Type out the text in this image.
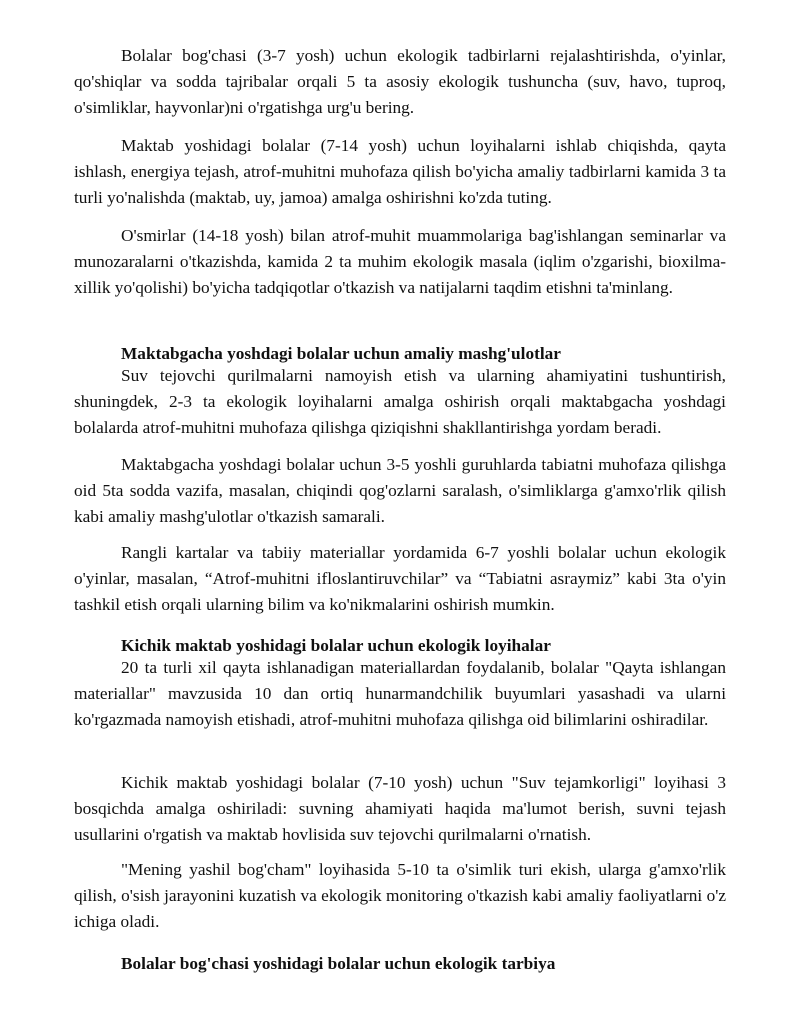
Bolalar bog'chasi (3-7 yosh) uchun ekologik tadbirlarni rejalashtirishda, o'yinlar, qo'shiqlar va sodda tajribalar orqali 5 ta asosiy ekologik tushuncha (suv, havo, tuproq, o'simliklar, hayvonlar)ni o'rgatishga urg'u bering.

Maktab yoshidagi bolalar (7-14 yosh) uchun loyihalarni ishlab chiqishda, qayta ishlash, energiya tejash, atrof-muhitni muhofaza qilish bo'yicha amaliy tadbirlarni kamida 3 ta turli yo'nalishda (maktab, uy, jamoa) amalga oshirishni ko'zda tuting.

O'smirlar (14-18 yosh) bilan atrof-muhit muammolariga bag'ishlangan seminarlar va munozaralarni o'tkazishda, kamida 2 ta muhim ekologik masala (iqlim o'zgarishi, bioxilma-xillik yo'qolishi) bo'yicha tadqiqotlar o'tkazish va natijalarni taqdim etishni ta'minlang.

Maktabgacha yoshdagi bolalar uchun amaliy mashg'ulotlar

Suv tejovchi qurilmalarni namoyish etish va ularning ahamiyatini tushuntirish, shuningdek, 2-3 ta ekologik loyihalarni amalga oshirish orqali maktabgacha yoshdagi bolalarda atrof-muhitni muhofaza qilishga qiziqishni shakllantirishga yordam beradi.

Maktabgacha yoshdagi bolalar uchun 3-5 yoshli guruhlarda tabiatni muhofaza qilishga oid 5ta sodda vazifa, masalan, chiqindi qog'ozlarni saralash, o'simliklarga g'amxo'rlik qilish kabi amaliy mashg'ulotlar o'tkazish samarali.

Rangli kartalar va tabiiy materiallar yordamida 6-7 yoshli bolalar uchun ekologik o'yinlar, masalan, “Atrof-muhitni ifloslantiruvchilar” va “Tabiatni asraymiz” kabi 3ta o'yin tashkil etish orqali ularning bilim va ko'nikmalarini oshirish mumkin.

Kichik maktab yoshidagi bolalar uchun ekologik loyihalar

20 ta turli xil qayta ishlanadigan materiallardan foydalanib, bolalar "Qayta ishlangan materiallar" mavzusida 10 dan ortiq hunarmandchilik buyumlari yasashadi va ularni ko'rgazmada namoyish etishadi, atrof-muhitni muhofaza qilishga oid bilimlarini oshiradilar.

Kichik maktab yoshidagi bolalar (7-10 yosh) uchun "Suv tejamkorligi" loyihasi 3 bosqichda amalga oshiriladi: suvning ahamiyati haqida ma'lumot berish, suvni tejash usullarini o'rgatish va maktab hovlisida suv tejovchi qurilmalarni o'rnatish.

"Mening yashil bog'cham" loyihasida 5-10 ta o'simlik turi ekish, ularga g'amxo'rlik qilish, o'sish jarayonini kuzatish va ekologik monitoring o'tkazish kabi amaliy faoliyatlarni o'z ichiga oladi.

Bolalar bog'chasi yoshidagi bolalar uchun ekologik tarbiya
